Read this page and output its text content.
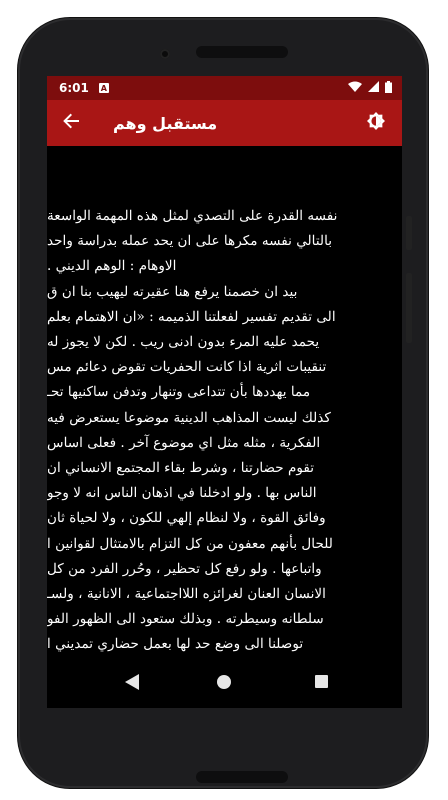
6:01 A
مستقبل وهم
نفسه القدرة على التصدي لمثل هذه المهمة الواسعة
بالتالي نفسه مكرها على ان يحد عمله بدراسة واحد
الاوهام : الوهم الديني .
بيد ان خصمنا يرفع هنا عقيرته ليهيب بنا ان ق
الى تقديم تفسير لفعلتنا الذميمه : «ان الاهتمام بعلم
يحمد عليه المرء بدون ادنى ريب . لكن لا يجوز له
تنقيبات اثرية اذا كانت الحفريات تقوض دعائم مس
مما يهددها بأن تتداعى وتنهار وتدفن ساكنيها تحـ
كذلك ليست المذاهب الدينية موضوعا يستعرض فيه
الفكرية ، مثله مثل اي موضوع آخر . فعلى اساس
تقوم حضارتنا ، وشرط بقاء المجتمع الانساني ان
الناس بها . ولو ادخلنا في اذهان الناس انه لا وجو
وفائق القوة ، ولا لنظام إلهي للكون ، ولا لحياة ثان
للحال بأنهم معفون من كل التزام بالامتثال لقوانين ا
واتباعها . ولو رفع كل تحظير ، وحُرر الفرد من كل
الانسان العنان لغرائزه اللااجتماعية ، الانانية ، ولسـ
سلطانه وسيطرته . وبذلك ستعود الى الظهور الفو
توصلنا الى وضع حد لها بعمل حضاري تمديني ا
